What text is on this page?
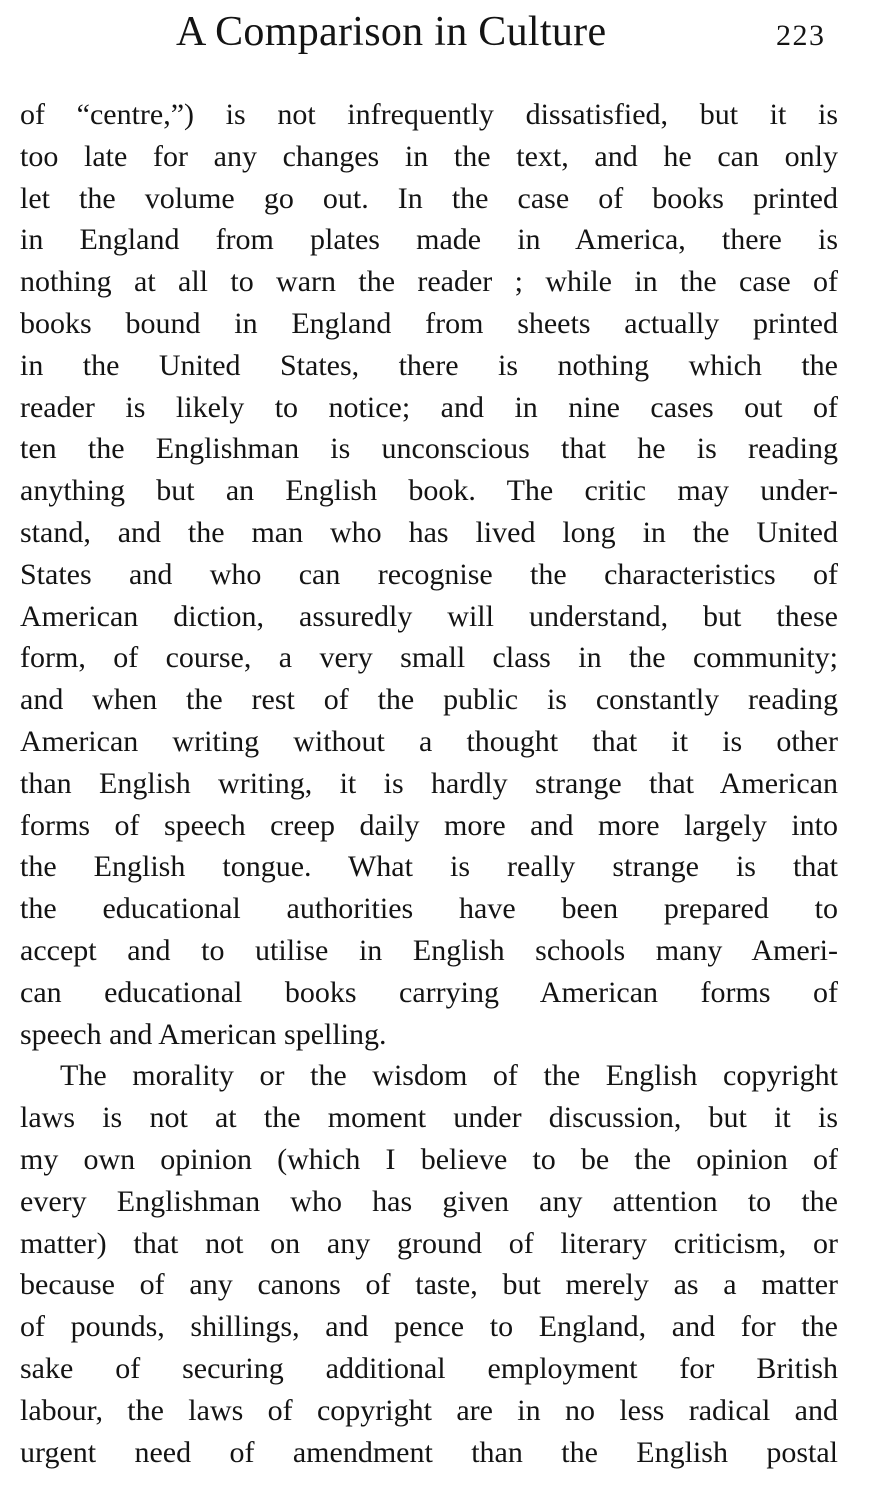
A Comparison in Culture	223
of “centre,”) is not infrequently dissatisfied, but it is
too late for any changes in the text, and he can only
let the volume go out. In the case of books printed
in England from plates made in America, there is
nothing at all to warn the reader ; while in the case of
books bound in England from sheets actually printed
in the United States, there is nothing which the
reader is likely to notice; and in nine cases out of
ten the Englishman is unconscious that he is reading
anything but an English book. The critic may under-
stand, and the man who has lived long in the United
States and who can recognise the characteristics of
American diction, assuredly will understand, but these
form, of course, a very small class in the community;
and when the rest of the public is constantly reading
American writing without a thought that it is other
than English writing, it is hardly strange that American
forms of speech creep daily more and more largely into
the English tongue. What is really strange is that
the educational authorities have been prepared to
accept and to utilise in English schools many Ameri-
can educational books carrying American forms of
speech and American spelling.
The morality or the wisdom of the English copyright
laws is not at the moment under discussion, but it is
my own opinion (which I believe to be the opinion of
every Englishman who has given any attention to the
matter) that not on any ground of literary criticism, or
because of any canons of taste, but merely as a matter
of pounds, shillings, and pence to England, and for the
sake of securing additional employment for British
labour, the laws of copyright are in no less radical and
urgent need of amendment than the English postal
